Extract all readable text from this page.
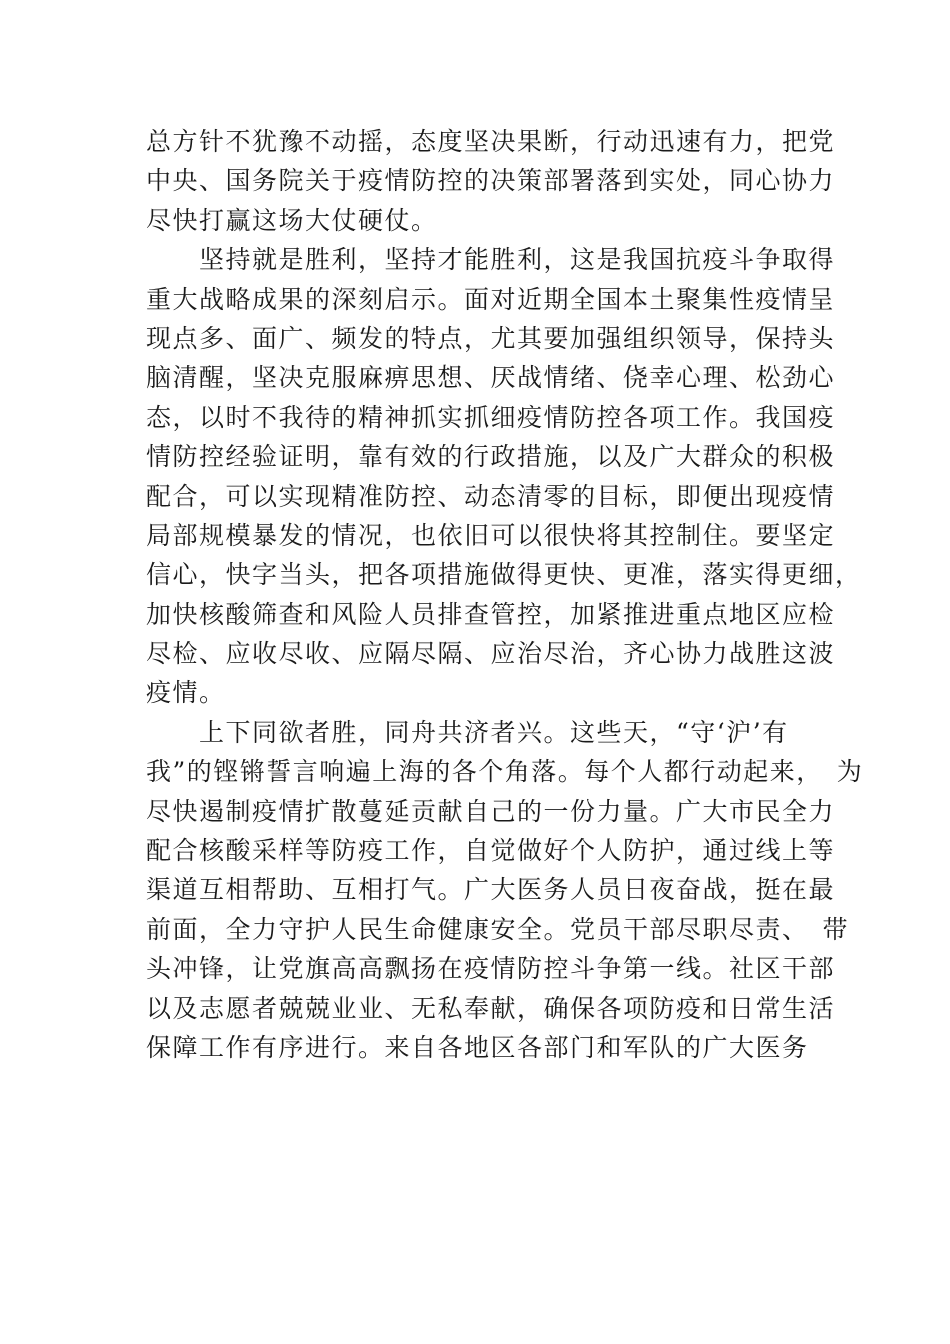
总方针不犹豫不动摇，态度坚决果断，行动迅速有力，把党
中央、国务院关于疫情防控的决策部署落到实处，同心协力
尽快打赢这场大仗硬仗。
　　坚持就是胜利，坚持才能胜利，这是我国抗疫斗争取得
重大战略成果的深刻启示。面对近期全国本土聚集性疫情呈
现点多、面广、频发的特点，尤其要加强组织领导，保持头
脑清醒，坚决克服麻痹思想、厌战情绪、侥幸心理、松劲心
态，以时不我待的精神抓实抓细疫情防控各项工作。我国疫
情防控经验证明，靠有效的行政措施，以及广大群众的积极
配合，可以实现精准防控、动态清零的目标，即便出现疫情
局部规模暴发的情况，也依旧可以很快将其控制住。要坚定
信心，快字当头，把各项措施做得更快、更准，落实得更细，
加快核酸筛查和风险人员排查管控，加紧推进重点地区应检
尽检、应收尽收、应隔尽隔、应治尽治，齐心协力战胜这波
疫情。
　　上下同欲者胜，同舟共济者兴。这些天，“守‘沪’有
我”的铿锵誓言响遍上海的各个角落。每个人都行动起来，　为
尽快遏制疫情扩散蔓延贡献自己的一份力量。广大市民全力
配合核酸采样等防疫工作，自觉做好个人防护，通过线上等
渠道互相帮助、互相打气。广大医务人员日夜奋战，挺在最
前面，全力守护人民生命健康安全。党员干部尽职尽责、　带
头冲锋，让党旗高高飘扬在疫情防控斗争第一线。社区干部
以及志愿者兢兢业业、无私奉献，确保各项防疫和日常生活
保障工作有序进行。来自各地区各部门和军队的广大医务
